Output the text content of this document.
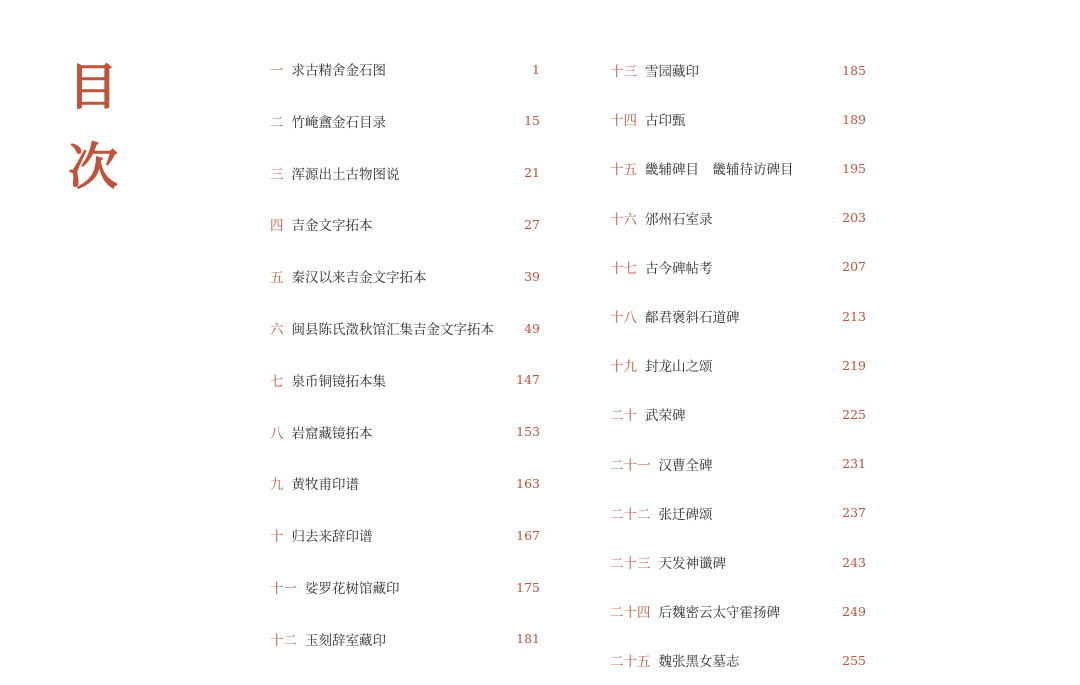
目
次
一 求古精舍金石图	1
二 竹崦盦金石目录	15
三 浑源出土古物图说	21
四 吉金文字拓本	27
五 秦汉以来吉金文字拓本	39
六 闽县陈氏澂秋馆汇集吉金文字拓本	49
七 泉币铜镜拓本集	147
八 岩窟藏镜拓本	153
九 黄牧甫印谱	163
十 归去来辞印谱	167
十一 娑罗花树馆藏印	175
十二 玉刻辞室藏印	181
十三 雪园藏印	185
十四 古印甄	189
十五 畿辅碑目　畿辅待访碑目	195
十六 邠州石室录	203
十七 古今碑帖考	207
十八 鄐君褒斜石道碑	213
十九 封龙山之颂	219
二十 武荣碑	225
二十一 汉曹全碑	231
二十二 张迁碑颂	237
二十三 天发神谶碑	243
二十四 后魏密云太守霍扬碑	249
二十五 魏张黑女墓志	255
